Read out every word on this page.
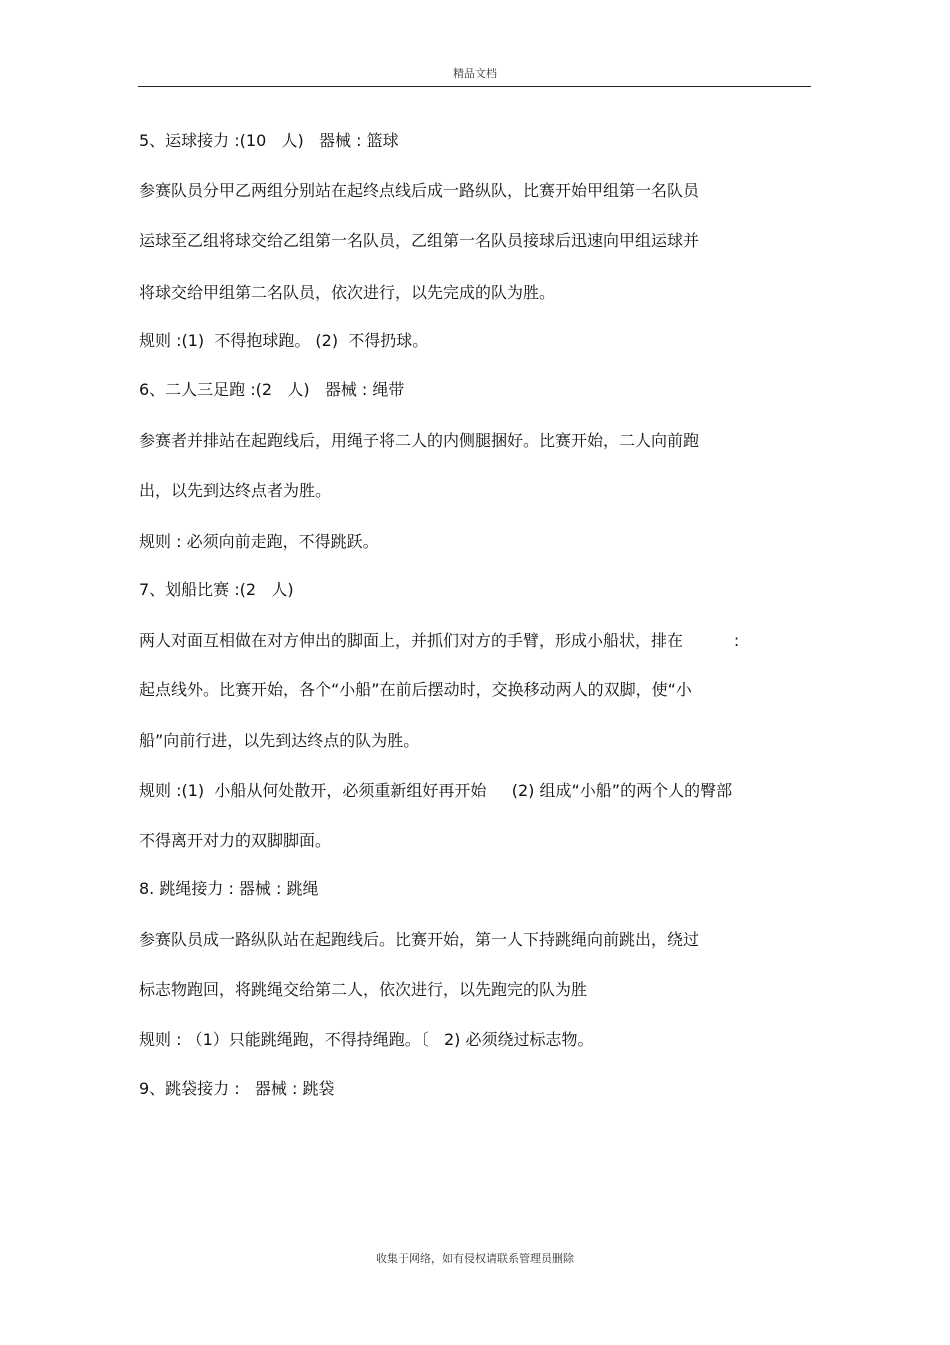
精品文档
5、运球接力 :(10   人)   器械 : 篮球
参赛队员分甲乙两组分别站在起终点线后成一路纵队，比赛开始甲组第一名队员
运球至乙组将球交给乙组第一名队员，乙组第一名队员接球后迅速向甲组运球并
将球交给甲组第二名队员，依次进行，以先完成的队为胜。
规则 :(1)  不得抱球跑。 (2)  不得扔球。
6、二人三足跑 :(2   人)   器械 : 绳带
参赛者并排站在起跑线后，用绳子将二人的内侧腿捆好。比赛开始，二人向前跑
出，以先到达终点者为胜。
规则 : 必须向前走跑，不得跳跃。
7、划船比赛 :(2   人)
两人对面互相做在对方伸出的脚面上，并抓们对方的手臂，形成小船状，排在          :
起点线外。比赛开始，各个“小船”在前后摆动时，交换移动两人的双脚，使“小
船”向前行进，以先到达终点的队为胜。
规则 :(1)  小船从何处散开，必须重新组好再开始     (2) 组成“小船”的两个人的臀部
不得离开对力的双脚脚面。
8. 跳绳接力 : 器械 : 跳绳
参赛队员成一路纵队站在起跑线后。比赛开始，第一人下持跳绳向前跳出，绕过
标志物跑回，将跳绳交给第二人，依次进行，以先跑完的队为胜
规则 : （1）只能跳绳跑，不得持绳跑。〔   2) 必须绕过标志物。
9、跳袋接力 :   器械 : 跳袋
收集于网络，如有侵权请联系管理员删除
